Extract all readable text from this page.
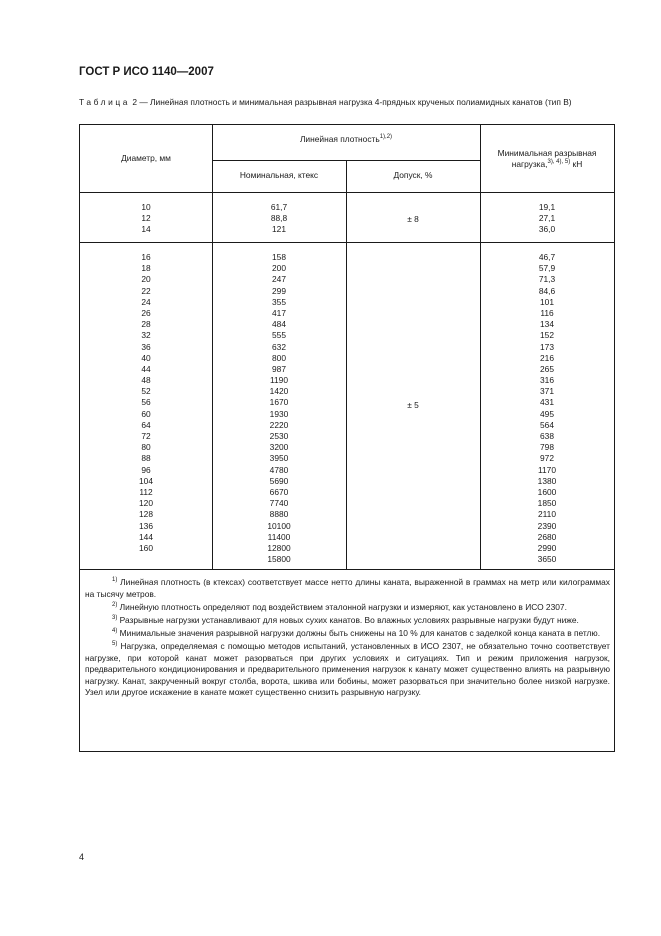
ГОСТ Р ИСО 1140—2007
Таблица 2 — Линейная плотность и минимальная разрывная нагрузка 4-прядных крученых полиамидных канатов (тип В)
Диаметр, мм
Линейная плотность$^{1),2)}$
Номинальная, ктекс	Допуск, %
Минимальная разрывная нагрузка,$^{3), 4), 5)}$ кН
10
12
14
61,7
88,8
121
± 8
19,1
27,1
36,0
16
18
20
22
24
26
28
32
36
40
44
48
52
56
60
64
72
80
88
96
104
112
120
128
136
144
160
158
200
247
299
355
417
484
555
632
800
987
1190
1420
1670
1930
2220
2530
3200
3950
4780
5690
6670
7740
8880
10100
11400
12800
15800
± 5
46,7
57,9
71,3
84,6
101
116
134
152
173
216
265
316
371
431
495
564
638
798
972
1170
1380
1600
1850
2110
2390
2680
2990
3650

$^{1)}$ Линейная плотность (в ктексах) соответствует массе нетто длины каната, выраженной в граммах на метр или килограммах на тысячу метров.

$^{2)}$ Линейную плотность определяют под воздействием эталонной нагрузки и измеряют, как установлено в ИСО 2307.

$^{3)}$ Разрывные нагрузки устанавливают для новых сухих канатов. Во влажных условиях разрывные нагрузки будут ниже.

$^{4)}$ Минимальные значения разрывной нагрузки должны быть снижены на 10 % для канатов с заделкой конца каната в петлю.

$^{5)}$ Нагрузка, определяемая с помощью методов испытаний, установленных в ИСО 2307, не обязательно точно соответствует нагрузке, при которой канат может разорваться при других условиях и ситуациях. Тип и режим приложения нагрузок, предварительного кондиционирования и предварительного применения нагрузок к канату может существенно влиять на разрывную нагрузку. Канат, закрученный вокруг столба, ворота, шкива или бобины, может разорваться при значительно более низкой нагрузке. Узел или другое искажение в канате может существенно снизить разрывную нагрузку.

4
